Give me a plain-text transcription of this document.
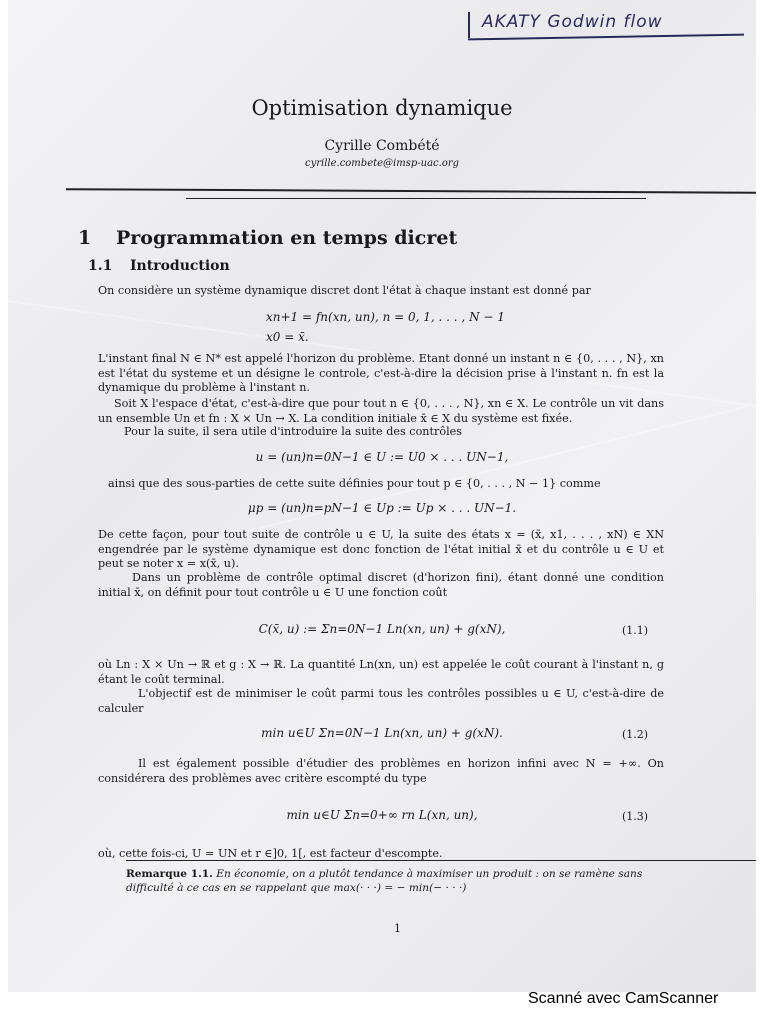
AKATY Godwin flow
Optimisation dynamique
Cyrille Combété
cyrille.combete@imsp-uac.org
1 Programmation en temps dicret
1.1 Introduction
On considère un système dynamique discret dont l'état à chaque instant est donné par
xn+1 = fn(xn, un), n = 0, 1, . . . , N − 1
x0 = x̄.
L'instant final N ∈ N* est appelé l'horizon du problème. Etant donné un instant n ∈ {0, . . . , N}, xn est l'état du systeme et un désigne le controle, c'est-à-dire la décision prise à l'instant n. fn est la dynamique du problème à l'instant n.
Soit X l'espace d'état, c'est-à-dire que pour tout n ∈ {0, . . . , N}, xn ∈ X. Le contrôle un vit dans un ensemble Un et fn : X × Un → X. La condition initiale x̄ ∈ X du système est fixée.
Pour la suite, il sera utile d'introduire la suite des contrôles
u = (un)n=0N−1 ∈ U := U0 × . . . UN−1,
ainsi que des sous-parties de cette suite définies pour tout p ∈ {0, . . . , N − 1} comme
μp = (un)n=pN−1 ∈ Up := Up × . . . UN−1.
De cette façon, pour tout suite de contrôle u ∈ U, la suite des états x = (x̄, x1, . . . , xN) ∈ XN engendrée par le système dynamique est donc fonction de l'état initial x̄ et du contrôle u ∈ U et peut se noter x = x(x̄, u).
Dans un problème de contrôle optimal discret (d'horizon fini), étant donné une condition initial x̄, on définit pour tout contrôle u ∈ U une fonction coût
C(x̄, u) := Σn=0N−1 Ln(xn, un) + g(xN),	(1.1)
où Ln : X × Un → ℝ et g : X → ℝ. La quantité Ln(xn, un) est appelée le coût courant à l'instant n, g étant le coût terminal.
L'objectif est de minimiser le coût parmi tous les contrôles possibles u ∈ U, c'est-à-dire de calculer
min u∈U Σn=0N−1 Ln(xn, un) + g(xN).	(1.2)
Il est également possible d'étudier des problèmes en horizon infini avec N = +∞. On considérera des problèmes avec critère escompté du type
min u∈U Σn=0+∞ rn L(xn, un),	(1.3)
où, cette fois-ci, U = UN et r ∈]0, 1[, est facteur d'escompte.
Remarque 1.1. En économie, on a plutôt tendance à maximiser un produit : on se ramène sans difficulté à ce cas en se rappelant que max(· · ·) = − min(− · · ·)
1
Scanné avec CamScanner
